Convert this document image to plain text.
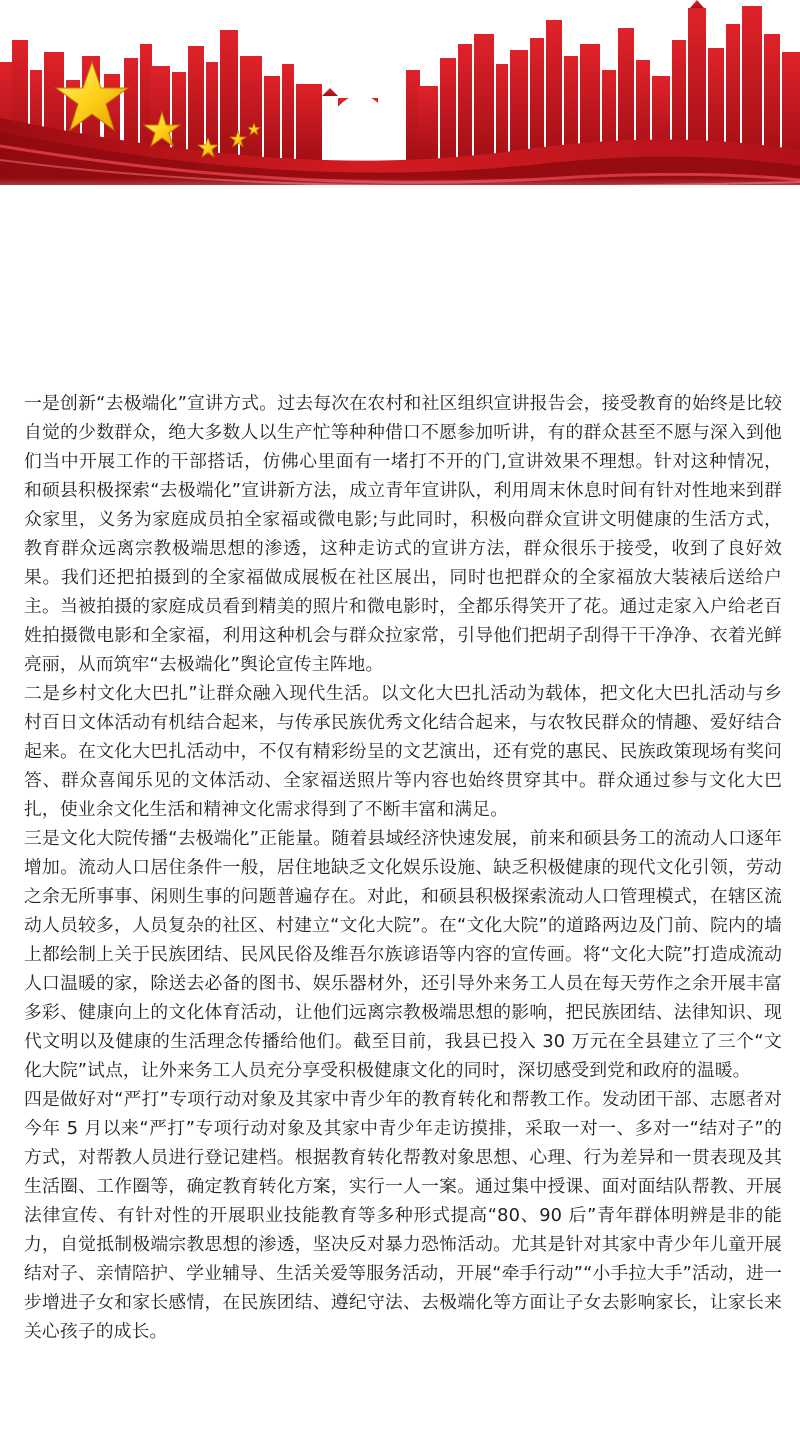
一是创新“去极端化”宣讲方式。过去每次在农村和社区组织宣讲报告会，接受教育的始终是比较自觉的少数群众，绝大多数人以生产忙等种种借口不愿参加听讲，有的群众甚至不愿与深入到他们当中开展工作的干部搭话，仿佛心里面有一堵打不开的门,宣讲效果不理想。针对这种情况，和硕县积极探索“去极端化”宣讲新方法，成立青年宣讲队，利用周末休息时间有针对性地来到群众家里，义务为家庭成员拍全家福或微电影;与此同时，积极向群众宣讲文明健康的生活方式，教育群众远离宗教极端思想的渗透，这种走访式的宣讲方法，群众很乐于接受，收到了良好效果。我们还把拍摄到的全家福做成展板在社区展出，同时也把群众的全家福放大装裱后送给户主。当被拍摄的家庭成员看到精美的照片和微电影时，全都乐得笑开了花。通过走家入户给老百姓拍摄微电影和全家福，利用这种机会与群众拉家常，引导他们把胡子刮得干干净净、衣着光鲜亮丽，从而筑牢“去极端化”舆论宣传主阵地。

二是乡村文化大巴扎”让群众融入现代生活。以文化大巴扎活动为载体，把文化大巴扎活动与乡村百日文体活动有机结合起来，与传承民族优秀文化结合起来，与农牧民群众的情趣、爱好结合起来。在文化大巴扎活动中，不仅有精彩纷呈的文艺演出，还有党的惠民、民族政策现场有奖问答、群众喜闻乐见的文体活动、全家福送照片等内容也始终贯穿其中。群众通过参与文化大巴扎，使业余文化生活和精神文化需求得到了不断丰富和满足。

三是文化大院传播“去极端化”正能量。随着县域经济快速发展，前来和硕县务工的流动人口逐年增加。流动人口居住条件一般，居住地缺乏文化娱乐设施、缺乏积极健康的现代文化引领，劳动之余无所事事、闲则生事的问题普遍存在。对此，和硕县积极探索流动人口管理模式，在辖区流动人员较多，人员复杂的社区、村建立“文化大院”。在“文化大院”的道路两边及门前、院内的墙上都绘制上关于民族团结、民风民俗及维吾尔族谚语等内容的宣传画。将“文化大院”打造成流动人口温暖的家，除送去必备的图书、娱乐器材外，还引导外来务工人员在每天劳作之余开展丰富多彩、健康向上的文化体育活动，让他们远离宗教极端思想的影响，把民族团结、法律知识、现代文明以及健康的生活理念传播给他们。截至目前，我县已投入 30 万元在全县建立了三个“文化大院”试点，让外来务工人员充分享受积极健康文化的同时，深切感受到党和政府的温暖。

四是做好对“严打”专项行动对象及其家中青少年的教育转化和帮教工作。发动团干部、志愿者对今年 5 月以来“严打”专项行动对象及其家中青少年走访摸排，采取一对一、多对一“结对子”的方式，对帮教人员进行登记建档。根据教育转化帮教对象思想、心理、行为差异和一贯表现及其生活圈、工作圈等，确定教育转化方案，实行一人一案。通过集中授课、面对面结队帮教、开展法律宣传、有针对性的开展职业技能教育等多种形式提高“80、90 后”青年群体明辨是非的能力，自觉抵制极端宗教思想的渗透，坚决反对暴力恐怖活动。尤其是针对其家中青少年儿童开展结对子、亲情陪护、学业辅导、生活关爱等服务活动，开展“牵手行动”“小手拉大手”活动，进一步增进子女和家长感情，在民族团结、遵纪守法、去极端化等方面让子女去影响家长，让家长来关心孩子的成长。
